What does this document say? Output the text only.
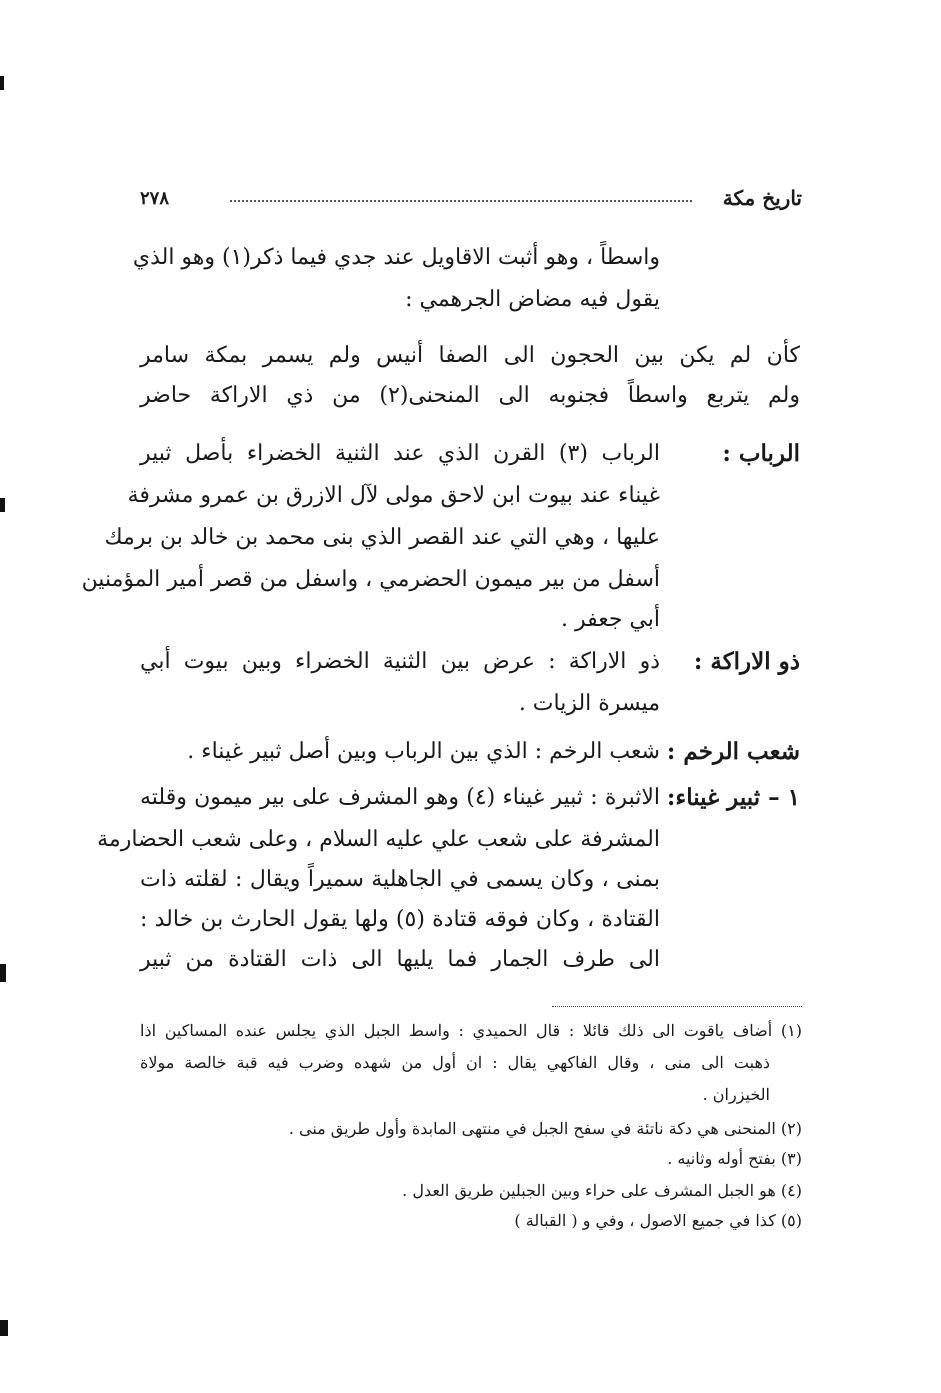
تاريخ مكة
٢٧٨
واسطاً ، وهو أثبت الاقاويل عند جدي فيما ذكر(١) وهو الذي
يقول فيه مضاض الجرهمي :
كأن لم يكن بين الحجون الى الصفا أنيس ولم يسمر بمكة سامر
ولم يتربع واسطاً فجنوبه الى المنحنى(٢) من ذي الاراكة حاضر
الرباب :
الرباب (٣) القرن الذي عند الثنية الخضراء بأصل ثبير
غيناء عند بيوت ابن لاحق مولى لآل الازرق بن عمرو مشرفة
عليها ، وهي التي عند القصر الذي بنى محمد بن خالد بن برمك
أسفل من بير ميمون الحضرمي ، واسفل من قصر أمير المؤمنين
أبي جعفر .
ذو الاراكة :
ذو الاراكة : عرض بين الثنية الخضراء وبين بيوت أبي
ميسرة الزيات .
شعب الرخم :
شعب الرخم : الذي بين الرباب وبين أصل ثبير غيناء .
١ – ثبير غيناء:
الاثبرة : ثبير غيناء (٤) وهو المشرف على بير ميمون وقلته
المشرفة على شعب علي عليه السلام ، وعلى شعب الحضارمة
بمنى ، وكان يسمى في الجاهلية سميراً ويقال : لقلته ذات
القتادة ، وكان فوقه قتادة (٥) ولها يقول الحارث بن خالد :
الى طرف الجمار فما يليها الى ذات القتادة من ثبير
(١) أضاف ياقوت الى ذلك قائلا : قال الحميدي : واسط الجبل الذي يجلس عنده المساكين اذا
ذهبت الى منى ، وقال الفاكهي يقال : ان أول من شهده وضرب فيه قبة خالصة مولاة
الخيزران .
(٢) المنحنى هي دكة ناتئة في سفح الجبل في منتهى المابدة وأول طريق منى .
(٣) بفتح أوله وثانيه .
(٤) هو الجبل المشرف على حراء وبين الجبلين طريق العدل .
(٥) كذا في جميع الاصول ، وفي و ( القبالة )
